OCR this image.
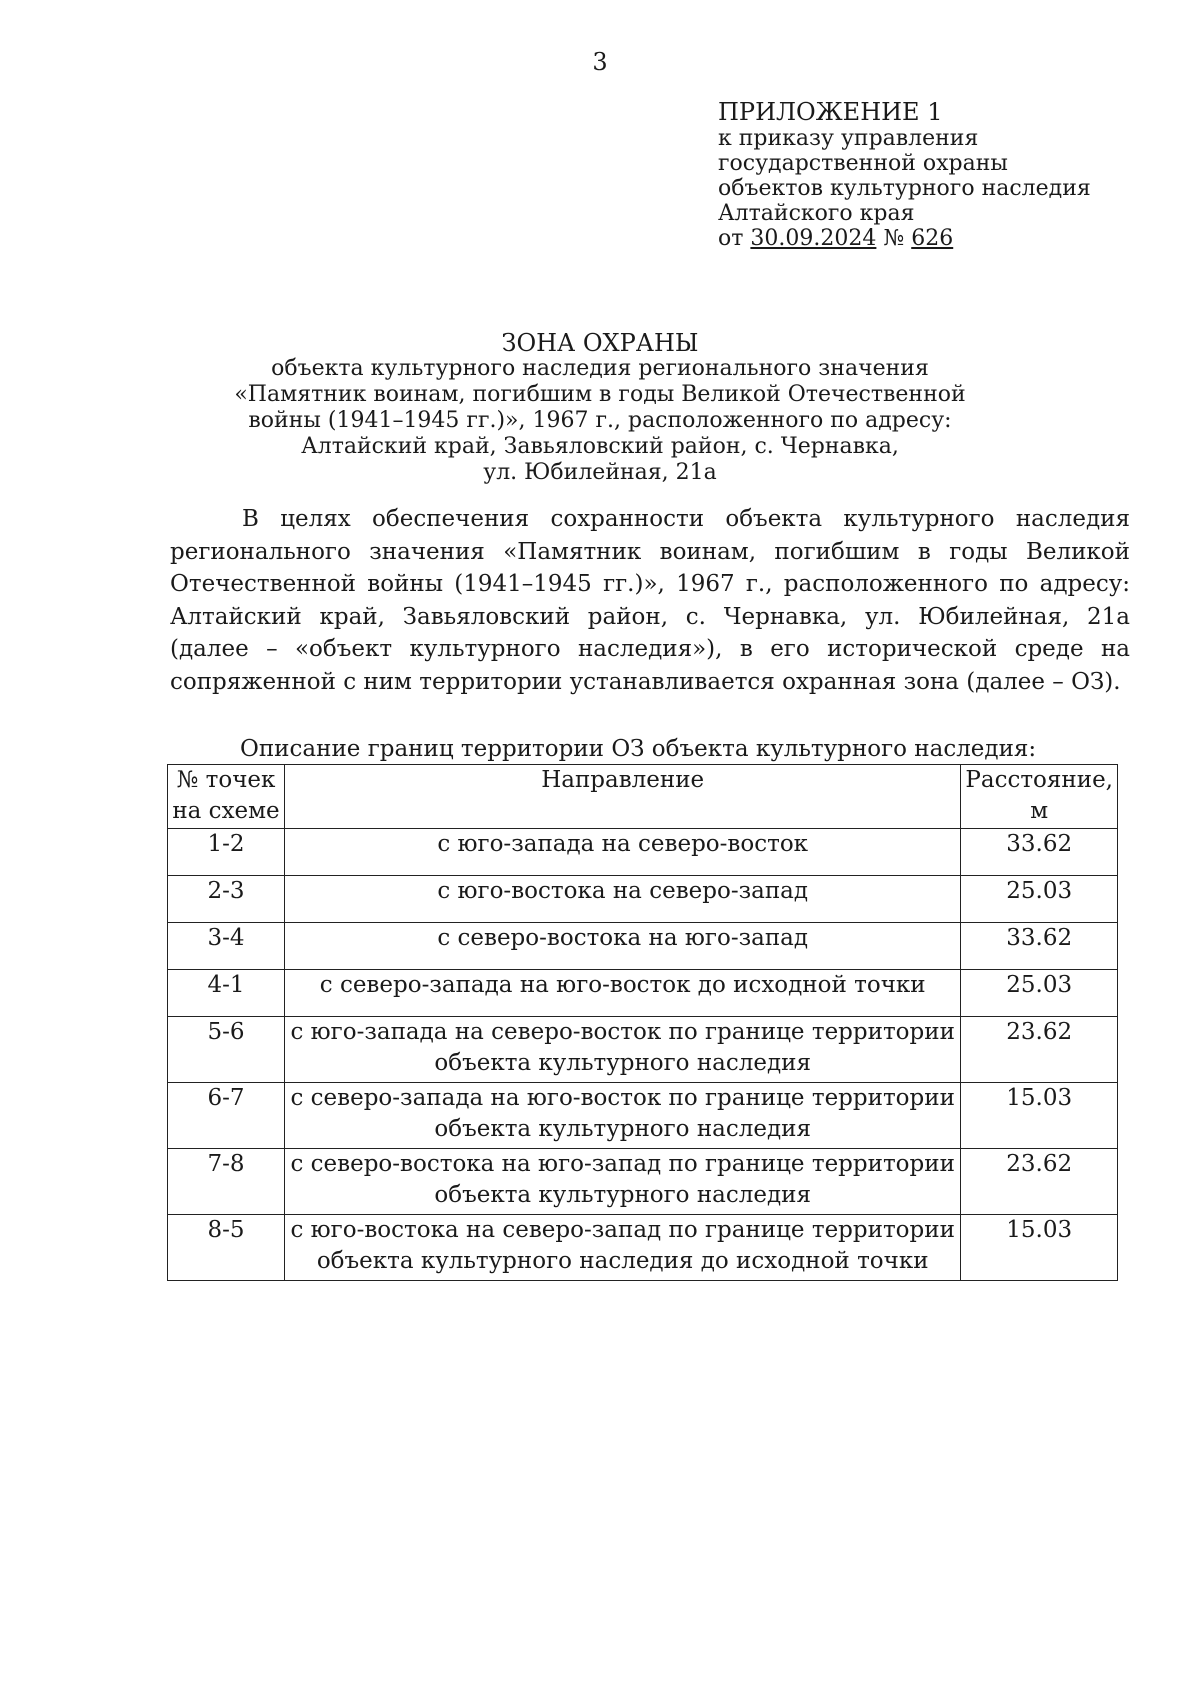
3
ПРИЛОЖЕНИЕ 1
к приказу управления
государственной охраны
объектов культурного наследия
Алтайского края
от 30.09.2024 № 626
ЗОНА ОХРАНЫ
объекта культурного наследия регионального значения
«Памятник воинам, погибшим в годы Великой Отечественной
войны (1941–1945 гг.)», 1967 г., расположенного по адресу:
Алтайский край, Завьяловский район, с. Чернавка,
ул. Юбилейная, 21а

В целях обеспечения сохранности объекта культурного наследия регионального значения «Памятник воинам, погибшим в годы Великой Отечественной войны (1941–1945 гг.)», 1967 г., расположенного по адресу: Алтайский край, Завьяловский район, с. Чернавка, ул. Юбилейная, 21а (далее – «объект культурного наследия»), в его исторической среде на сопряженной с ним территории устанавливается охранная зона (далее – ОЗ).

Описание границ территории ОЗ объекта культурного наследия:
№ точек
на схеме	Направление	Расстояние,
м

1-2	с юго-запада на северо-восток	33.62
2-3	с юго-востока на северо-запад	25.03
3-4	с северо-востока на юго-запад	33.62
4-1	с северо-запада на юго-восток до исходной точки	25.03
5-6	с юго-запада на северо-восток по границе территории
объекта культурного наследия	23.62
6-7	с северо-запада на юго-восток по границе территории
объекта культурного наследия	15.03
7-8	с северо-востока на юго-запад по границе территории
объекта культурного наследия	23.62
8-5	с юго-востока на северо-запад по границе территории
объекта культурного наследия до исходной точки	15.03
